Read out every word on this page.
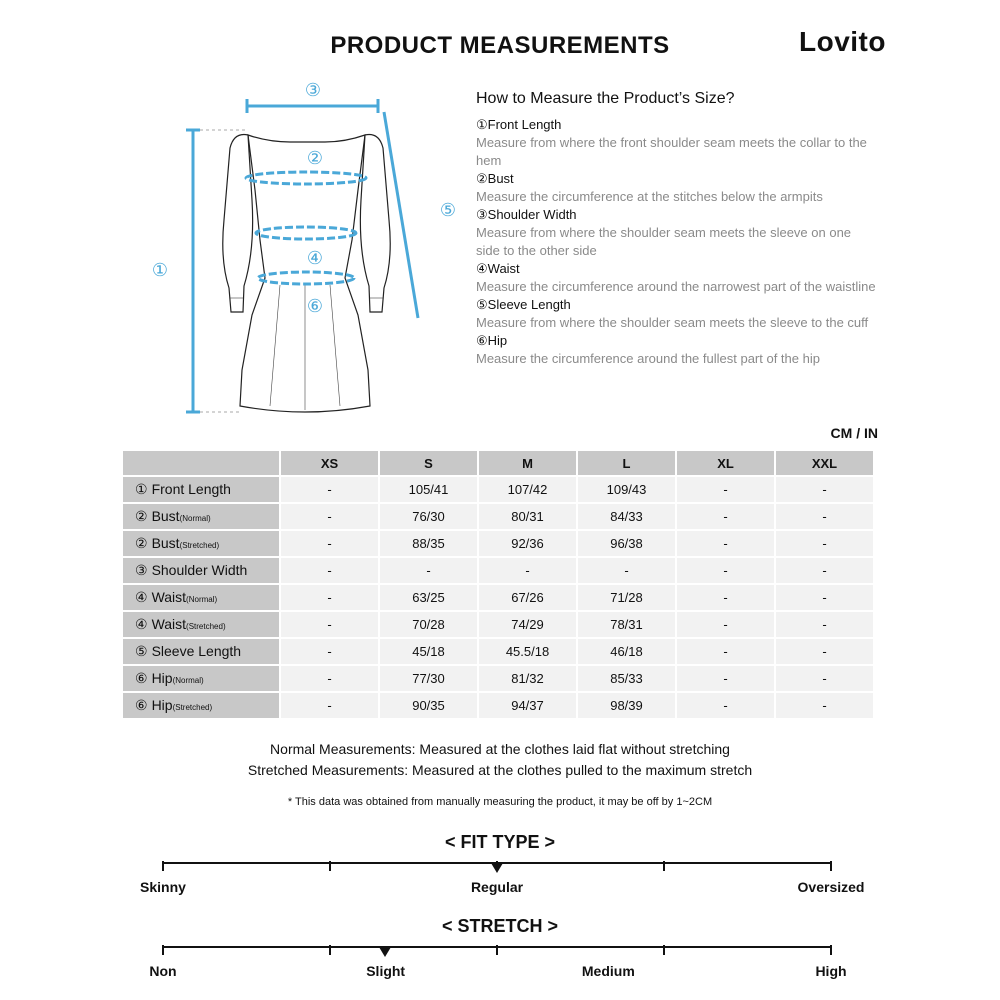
PRODUCT MEASUREMENTS	Lovito
①
②
③
④
⑤
⑥
How to Measure the Product’s Size?
①Front Length
Measure from where the front shoulder seam meets the collar to the hem
②Bust
Measure the circumference at the stitches below the armpits
③Shoulder Width
Measure from where the shoulder seam meets the sleeve on one side to the other side
④Waist
Measure the circumference around the narrowest part of the waistline
⑤Sleeve Length
Measure from where the shoulder seam meets the sleeve to the cuff
⑥Hip
Measure the circumference around the fullest part of the hip
CM / IN
	XS	S	M	L	XL	XXL
① Front Length	-	105/41	107/42	109/43	-	-
② Bust(Normal)	-	76/30	80/31	84/33	-	-
② Bust(Stretched)	-	88/35	92/36	96/38	-	-
③ Shoulder Width	-	-	-	-	-	-
④ Waist(Normal)	-	63/25	67/26	71/28	-	-
④ Waist(Stretched)	-	70/28	74/29	78/31	-	-
⑤ Sleeve Length	-	45/18	45.5/18	46/18	-	-
⑥ Hip(Normal)	-	77/30	81/32	85/33	-	-
⑥ Hip(Stretched)	-	90/35	94/37	98/39	-	-
Normal Measurements: Measured at the clothes laid flat without stretching
Stretched Measurements: Measured at the clothes pulled to the maximum stretch
* This data was obtained from manually measuring the product, it may be off by 1~2CM
< FIT TYPE >
Skinny	Regular	Oversized
< STRETCH >
Non	Slight	Medium	High
